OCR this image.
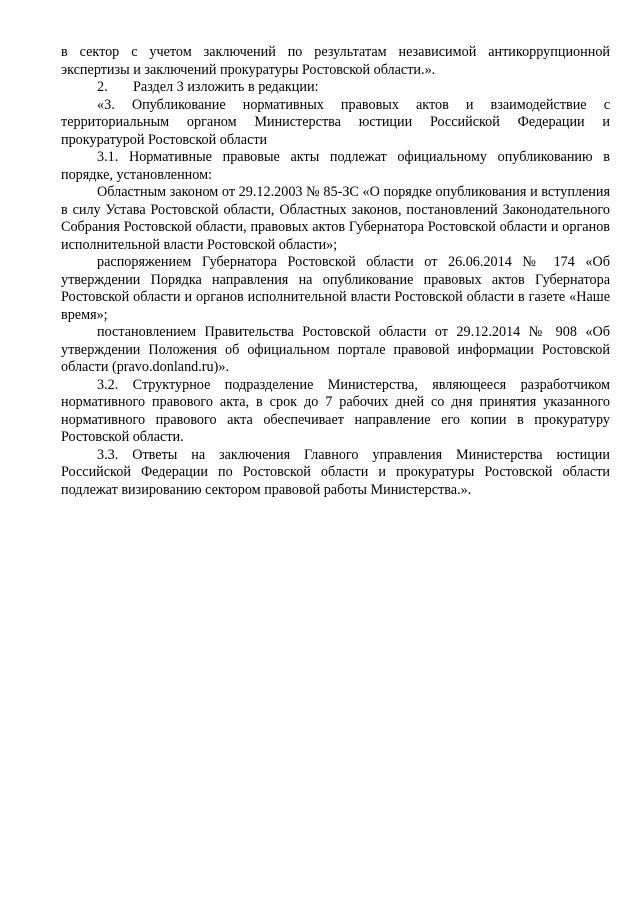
в сектор с учетом заключений по результатам независимой антикоррупционной экспертизы и заключений прокуратуры Ростовской области.».

2. Раздел 3 изложить в редакции:

«3. Опубликование нормативных правовых актов и взаимодействие с территориальным органом Министерства юстиции Российской Федерации и прокуратурой Ростовской области

3.1. Нормативные правовые акты подлежат официальному опубликованию в порядке, установленном:

Областным законом от 29.12.2003 № 85-ЗС «О порядке опубликования и вступления в силу Устава Ростовской области, Областных законов, постановлений Законодательного Собрания Ростовской области, правовых актов Губернатора Ростовской области и органов исполнительной власти Ростовской области»;

распоряжением Губернатора Ростовской области от 26.06.2014 № 174 «Об утверждении Порядка направления на опубликование правовых актов Губернатора Ростовской области и органов исполнительной власти Ростовской области в газете «Наше время»;

постановлением Правительства Ростовской области от 29.12.2014 № 908 «Об утверждении Положения об официальном портале правовой информации Ростовской области (pravo.donland.ru)».

3.2. Структурное подразделение Министерства, являющееся разработчиком нормативного правового акта, в срок до 7 рабочих дней со дня принятия указанного нормативного правового акта обеспечивает направление его копии в прокуратуру Ростовской области.

3.3. Ответы на заключения Главного управления Министерства юстиции Российской Федерации по Ростовской области и прокуратуры Ростовской области подлежат визированию сектором правовой работы Министерства.».
